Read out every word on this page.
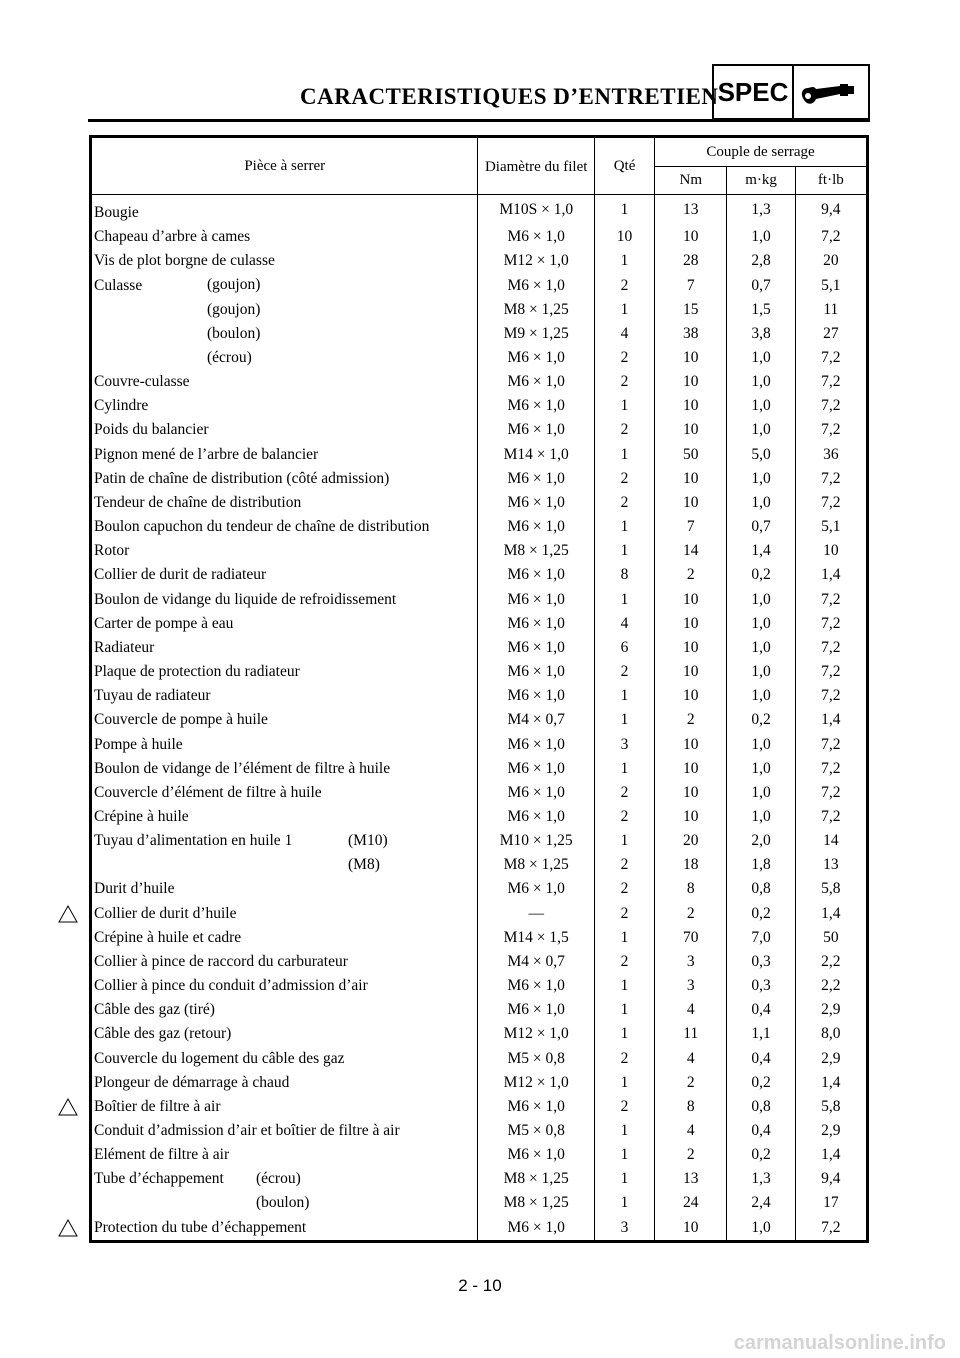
CARACTERISTIQUES D’ENTRETIEN SPEC
Pièce à serrer	Diamètre du filet	Qté	Couple de serrage		
			Nm	m·kg	ft·lb
Bougie	M10S × 1,0	1	13	1,3	9,4
Chapeau d’arbre à cames	M6 × 1,0	10	10	1,0	7,2
Vis de plot borgne de culasse	M12 × 1,0	1	28	2,8	20
Culasse (goujon)	M6 × 1,0	2	7	0,7	5,1

(goujon)	M8 × 1,25	1	15	1,5	11

(boulon)	M9 × 1,25	4	38	3,8	27

(écrou)	M6 × 1,0	2	10	1,0	7,2
Couvre-culasse	M6 × 1,0	2	10	1,0	7,2
Cylindre	M6 × 1,0	1	10	1,0	7,2
Poids du balancier	M6 × 1,0	2	10	1,0	7,2
Pignon mené de l’arbre de balancier	M14 × 1,0	1	50	5,0	36
Patin de chaîne de distribution (côté admission)	M6 × 1,0	2	10	1,0	7,2
Tendeur de chaîne de distribution	M6 × 1,0	2	10	1,0	7,2
Boulon capuchon du tendeur de chaîne de distribution	M6 × 1,0	1	7	0,7	5,1
Rotor	M8 × 1,25	1	14	1,4	10
Collier de durit de radiateur	M6 × 1,0	8	2	0,2	1,4
Boulon de vidange du liquide de refroidissement	M6 × 1,0	1	10	1,0	7,2
Carter de pompe à eau	M6 × 1,0	4	10	1,0	7,2
Radiateur	M6 × 1,0	6	10	1,0	7,2
Plaque de protection du radiateur	M6 × 1,0	2	10	1,0	7,2
Tuyau de radiateur	M6 × 1,0	1	10	1,0	7,2
Couvercle de pompe à huile	M4 × 0,7	1	2	0,2	1,4
Pompe à huile	M6 × 1,0	3	10	1,0	7,2
Boulon de vidange de l’élément de filtre à huile	M6 × 1,0	1	10	1,0	7,2
Couvercle d’élément de filtre à huile	M6 × 1,0	2	10	1,0	7,2
Crépine à huile	M6 × 1,0	2	10	1,0	7,2
Tuyau d’alimentation en huile 1 (M10)	M10 × 1,25	1	20	2,0	14

(M8)	M8 × 1,25	2	18	1,8	13
Durit d’huile	M6 × 1,0	2	8	0,8	5,8
Collier de durit d’huile	—	2	2	0,2	1,4
Crépine à huile et cadre	M14 × 1,5	1	70	7,0	50
Collier à pince de raccord du carburateur	M4 × 0,7	2	3	0,3	2,2
Collier à pince du conduit d’admission d’air	M6 × 1,0	1	3	0,3	2,2
Câble des gaz (tiré)	M6 × 1,0	1	4	0,4	2,9
Câble des gaz (retour)	M12 × 1,0	1	11	1,1	8,0
Couvercle du logement du câble des gaz	M5 × 0,8	2	4	0,4	2,9
Plongeur de démarrage à chaud	M12 × 1,0	1	2	0,2	1,4
Boîtier de filtre à air	M6 × 1,0	2	8	0,8	5,8
Conduit d’admission d’air et boîtier de filtre à air	M5 × 0,8	1	4	0,4	2,9
Elément de filtre à air	M6 × 1,0	1	2	0,2	1,4
Tube d’échappement (écrou)	M8 × 1,25	1	13	1,3	9,4

(boulon)	M8 × 1,25	1	24	2,4	17
Protection du tube d’échappement	M6 × 1,0	3	10	1,0	7,2
2 - 10
carmanualsonline.info
